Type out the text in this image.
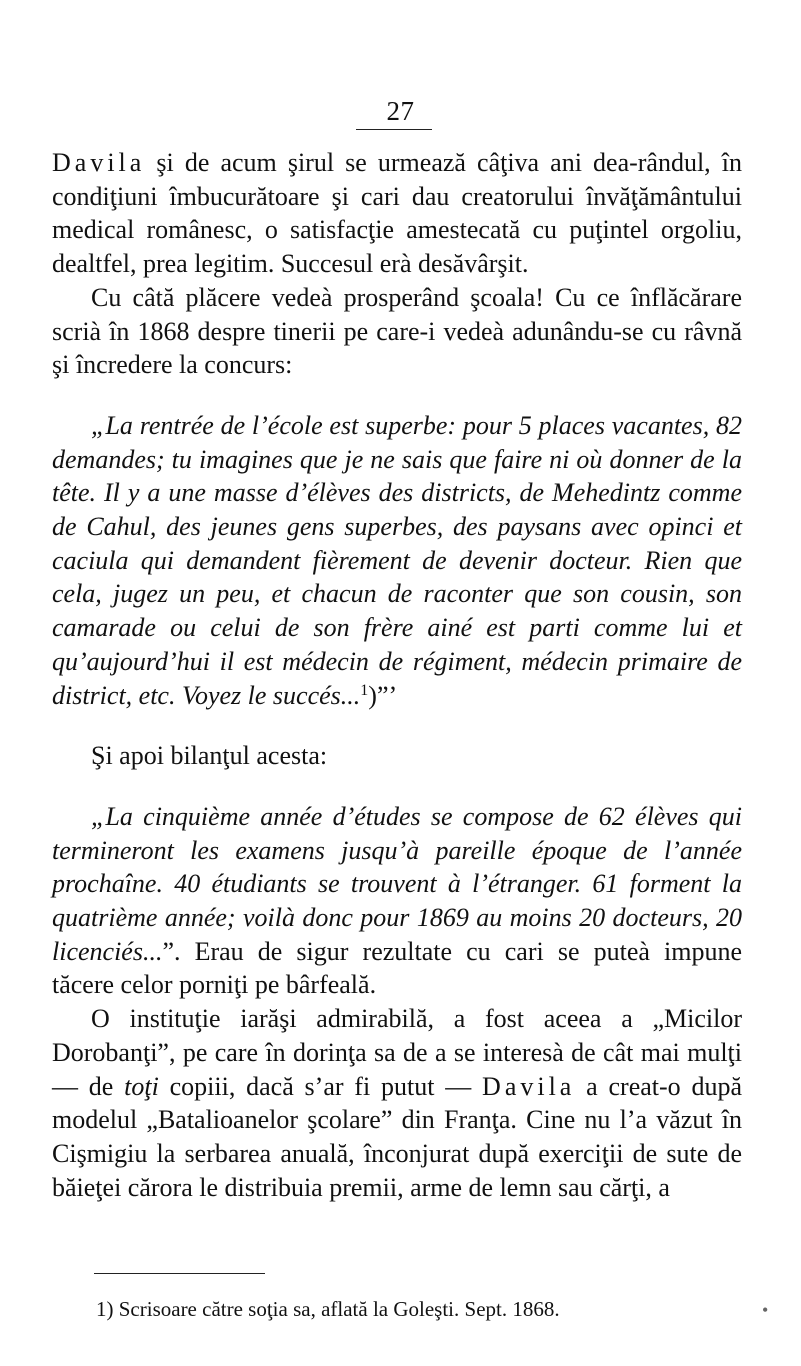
27

Davila şi de acum şirul se urmează câţiva ani dea-rândul, în condiţiuni îmbucurătoare şi cari dau creatorului învăţământului medical românesc, o satisfacţie amestecată cu puţintel orgoliu, dealtfel, prea legitim. Succesul erà desăvârşit.

Cu câtă plăcere vedeà prosperând şcoala! Cu ce înflăcărare scrià în 1868 despre tinerii pe care-i vedeà adunându-se cu râvnă şi încredere la concurs:

„La rentrée de l’école est superbe: pour 5 places vacantes, 82 demandes; tu imagines que je ne sais que faire ni où donner de la tête. Il y a une masse d’élèves des districts, de Mehedintz comme de Cahul, des jeunes gens superbes, des paysans avec opinci et caciula qui demandent fièrement de devenir docteur. Rien que cela, jugez un peu, et chacun de raconter que son cousin, son camarade ou celui de son frère ainé est parti comme lui et qu’aujourd’hui il est médecin de régiment, médecin primaire de district, etc. Voyez le succés...$^1$)”’

Şi apoi bilanţul acesta:

„La cinquième année d’études se compose de 62 élèves qui termineront les examens jusqu’à pareille époque de l’année prochaîne. 40 étudiants se trouvent à l’étranger. 61 forment la quatrième année; voilà donc pour 1869 au moins 20 docteurs, 20 licenciés...”. Erau de sigur rezultate cu cari se puteà impune tăcere celor porniţi pe bârfeală.

O instituţie iarăşi admirabilă, a fost aceea a „Micilor Dorobanţi”, pe care în dorinţa sa de a se interesà de cât mai mulţi — de toţi copiii, dacă s’ar fi putut — Davila a creat-o după modelul „Batalioanelor şcolare” din Franţa. Cine nu l’a văzut în Cişmigiu la serbarea anuală, înconjurat după exerciţii de sute de băieţei cărora le distribuia premii, arme de lemn sau cărţi, a

1) Scrisoare către soţia sa, aflată la Goleşti. Sept. 1868.	•
